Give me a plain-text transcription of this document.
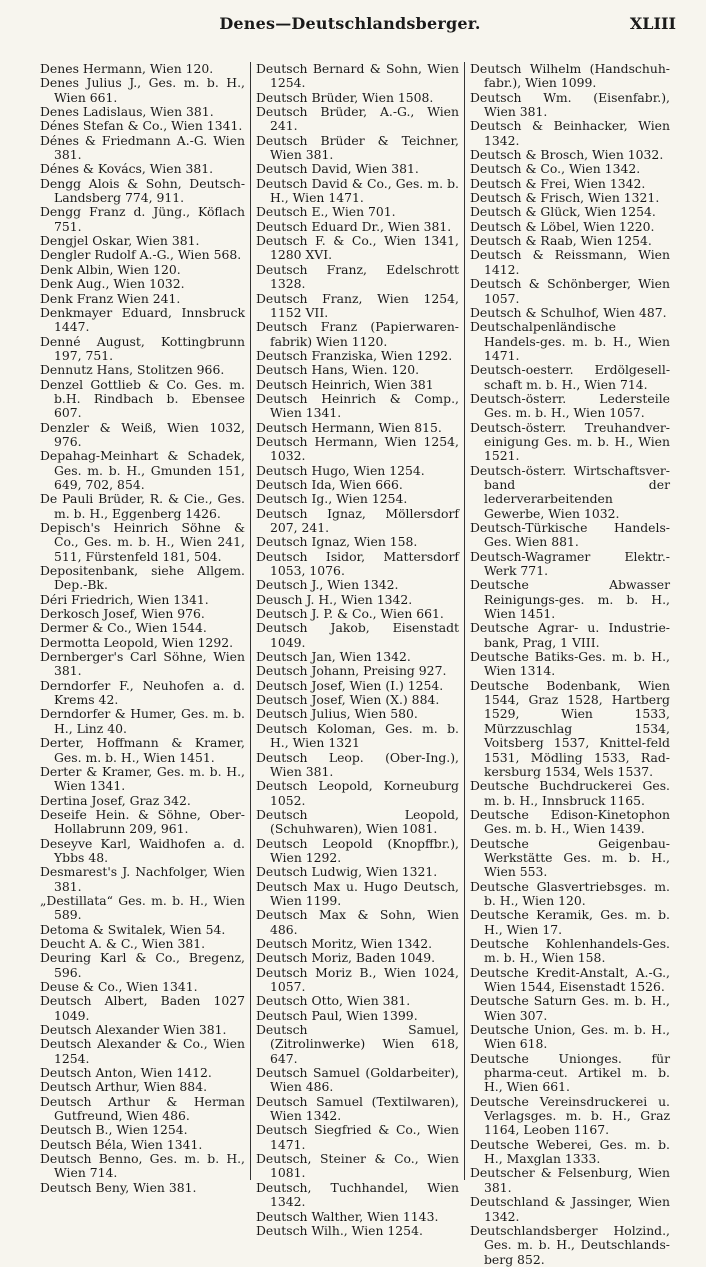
Denes—Deutschlandsberger.	XLIII

Denes Hermann, Wien 120.

Denes Julius J., Ges. m. b. H., Wien 661.

Denes Ladislaus, Wien 381.

Dénes Stefan & Co., Wien 1341.

Dénes & Friedmann A.-G. Wien 381.

Dénes & Kovács, Wien 381.

Dengg Alois & Sohn, Deutsch-Landsberg 774, 911.

Dengg Franz d. Jüng., Köflach 751.

Dengjel Oskar, Wien 381.

Dengler Rudolf A.-G., Wien 568.

Denk Albin, Wien 120.

Denk Aug., Wien 1032.

Denk Franz Wien 241.

Denkmayer Eduard, Innsbruck 1447.

Denné August, Kottingbrunn 197, 751.

Dennutz Hans, Stolitzen 966.

Denzel Gottlieb & Co. Ges. m. b.H. Rindbach b. Ebensee 607.

Denzler & Weiß, Wien 1032, 976.

Depahag-Meinhart & Schadek, Ges. m. b. H., Gmunden 151, 649, 702, 854.

De Pauli Brüder, R. & Cie., Ges. m. b. H., Eggenberg 1426.

Depisch's Heinrich Söhne & Co., Ges. m. b. H., Wien 241, 511, Fürstenfeld 181, 504.

Depositenbank, siehe Allgem. Dep.-Bk.

Déri Friedrich, Wien 1341.

Derkosch Josef, Wien 976.

Dermer & Co., Wien 1544.

Dermotta Leopold, Wien 1292.

Dernberger's Carl Söhne, Wien 381.

Derndorfer F., Neuhofen a. d. Krems 42.

Derndorfer & Humer, Ges. m. b. H., Linz 40.

Derter, Hoffmann & Kramer, Ges. m. b. H., Wien 1451.

Derter & Kramer, Ges. m. b. H., Wien 1341.

Dertina Josef, Graz 342.

Deseife Hein. & Söhne, Ober-Hollabrunn 209, 961.

Deseyve Karl, Waidhofen a. d. Ybbs 48.

Desmarest's J. Nachfolger, Wien 381.

„Destillata“ Ges. m. b. H., Wien 589.

Detoma & Switalek, Wien 54.

Deucht A. & C., Wien 381.

Deuring Karl & Co., Bregenz, 596.

Deuse & Co., Wien 1341.

Deutsch Albert, Baden 1027 1049.

Deutsch Alexander Wien 381.

Deutsch Alexander & Co., Wien 1254.

Deutsch Anton, Wien 1412.

Deutsch Arthur, Wien 884.

Deutsch Arthur & Herman Gutfreund, Wien 486.

Deutsch B., Wien 1254.

Deutsch Béla, Wien 1341.

Deutsch Benno, Ges. m. b. H., Wien 714.

Deutsch Beny, Wien 381.

Deutsch Bernard & Sohn, Wien 1254.

Deutsch Brüder, Wien 1508.

Deutsch Brüder, A.-G., Wien 241.

Deutsch Brüder & Teichner, Wien 381.

Deutsch David, Wien 381.

Deutsch David & Co., Ges. m. b. H., Wien 1471.

Deutsch E., Wien 701.

Deutsch Eduard Dr., Wien 381.

Deutsch F. & Co., Wien 1341, 1280 XVI.

Deutsch Franz, Edelschrott 1328.

Deutsch Franz, Wien 1254, 1152 VII.

Deutsch Franz (Papierwaren-fabrik) Wien 1120.

Deutsch Franziska, Wien 1292.

Deutsch Hans, Wien. 120.

Deutsch Heinrich, Wien 381

Deutsch Heinrich & Comp., Wien 1341.

Deutsch Hermann, Wien 815.

Deutsch Hermann, Wien 1254, 1032.

Deutsch Hugo, Wien 1254.

Deutsch Ida, Wien 666.

Deutsch Ig., Wien 1254.

Deutsch Ignaz, Möllersdorf 207, 241.

Deutsch Ignaz, Wien 158.

Deutsch Isidor, Mattersdorf 1053, 1076.

Deutsch J., Wien 1342.

Deusch J. H., Wien 1342.

Deutsch J. P. & Co., Wien 661.

Deutsch Jakob, Eisenstadt 1049.

Deutsch Jan, Wien 1342.

Deutsch Johann, Preising 927.

Deutsch Josef, Wien (I.) 1254.

Deutsch Josef, Wien (X.) 884.

Deutsch Julius, Wien 580.

Deutsch Koloman, Ges. m. b. H., Wien 1321

Deutsch Leop. (Ober-Ing.), Wien 381.

Deutsch Leopold, Korneuburg 1052.

Deutsch Leopold, (Schuhwaren), Wien 1081.

Deutsch Leopold (Knopffbr.), Wien 1292.

Deutsch Ludwig, Wien 1321.

Deutsch Max u. Hugo Deutsch, Wien 1199.

Deutsch Max & Sohn, Wien 486.

Deutsch Moritz, Wien 1342.

Deutsch Moriz, Baden 1049.

Deutsch Moriz B., Wien 1024, 1057.

Deutsch Otto, Wien 381.

Deutsch Paul, Wien 1399.

Deutsch Samuel, (Zitrolinwerke) Wien 618, 647.

Deutsch Samuel (Goldarbeiter), Wien 486.

Deutsch Samuel (Textilwaren), Wien 1342.

Deutsch Siegfried & Co., Wien 1471.

Deutsch, Steiner & Co., Wien 1081.

Deutsch, Tuchhandel, Wien 1342.

Deutsch Walther, Wien 1143.

Deutsch Wilh., Wien 1254.

Deutsch Wilhelm (Handschuh-fabr.), Wien 1099.

Deutsch Wm. (Eisenfabr.), Wien 381.

Deutsch & Beinhacker, Wien 1342.

Deutsch & Brosch, Wien 1032.

Deutsch & Co., Wien 1342.

Deutsch & Frei, Wien 1342.

Deutsch & Frisch, Wien 1321.

Deutsch & Glück, Wien 1254.

Deutsch & Löbel, Wien 1220.

Deutsch & Raab, Wien 1254.

Deutsch & Reissmann, Wien 1412.

Deutsch & Schönberger, Wien 1057.

Deutsch & Schulhof, Wien 487.

Deutschalpenländische Handels-ges. m. b. H., Wien 1471.

Deutsch-oesterr. Erdölgesell-schaft m. b. H., Wien 714.

Deutsch-österr. Ledersteile Ges. m. b. H., Wien 1057.

Deutsch-österr. Treuhandver-einigung Ges. m. b. H., Wien 1521.

Deutsch-österr. Wirtschaftsver-band der lederverarbeitenden Gewerbe, Wien 1032.

Deutsch-Türkische Handels-Ges. Wien 881.

Deutsch-Wagramer Elektr.-Werk 771.

Deutsche Abwasser Reinigungs-ges. m. b. H., Wien 1451.

Deutsche Agrar- u. Industrie-bank, Prag, 1 VIII.

Deutsche Batiks-Ges. m. b. H., Wien 1314.

Deutsche Bodenbank, Wien 1544, Graz 1528, Hartberg 1529, Wien 1533, Mürzzuschlag 1534, Voitsberg 1537, Knittel-feld 1531, Mödling 1533, Rad-kersburg 1534, Wels 1537.

Deutsche Buchdruckerei Ges. m. b. H., Innsbruck 1165.

Deutsche Edison-Kinetophon Ges. m. b. H., Wien 1439.

Deutsche Geigenbau-Werkstätte Ges. m. b. H., Wien 553.

Deutsche Glasvertriebsges. m. b. H., Wien 120.

Deutsche Keramik, Ges. m. b. H., Wien 17.

Deutsche Kohlenhandels-Ges. m. b. H., Wien 158.

Deutsche Kredit-Anstalt, A.-G., Wien 1544, Eisenstadt 1526.

Deutsche Saturn Ges. m. b. H., Wien 307.

Deutsche Union, Ges. m. b. H., Wien 618.

Deutsche Unionges. für pharma-ceut. Artikel m. b. H., Wien 661.

Deutsche Vereinsdruckerei u. Verlagsges. m. b. H., Graz 1164, Leoben 1167.

Deutsche Weberei, Ges. m. b. H., Maxglan 1333.

Deutscher & Felsenburg, Wien 381.

Deutschland & Jassinger, Wien 1342.

Deutschlandsberger Holzind., Ges. m. b. H., Deutschlands-berg 852.
